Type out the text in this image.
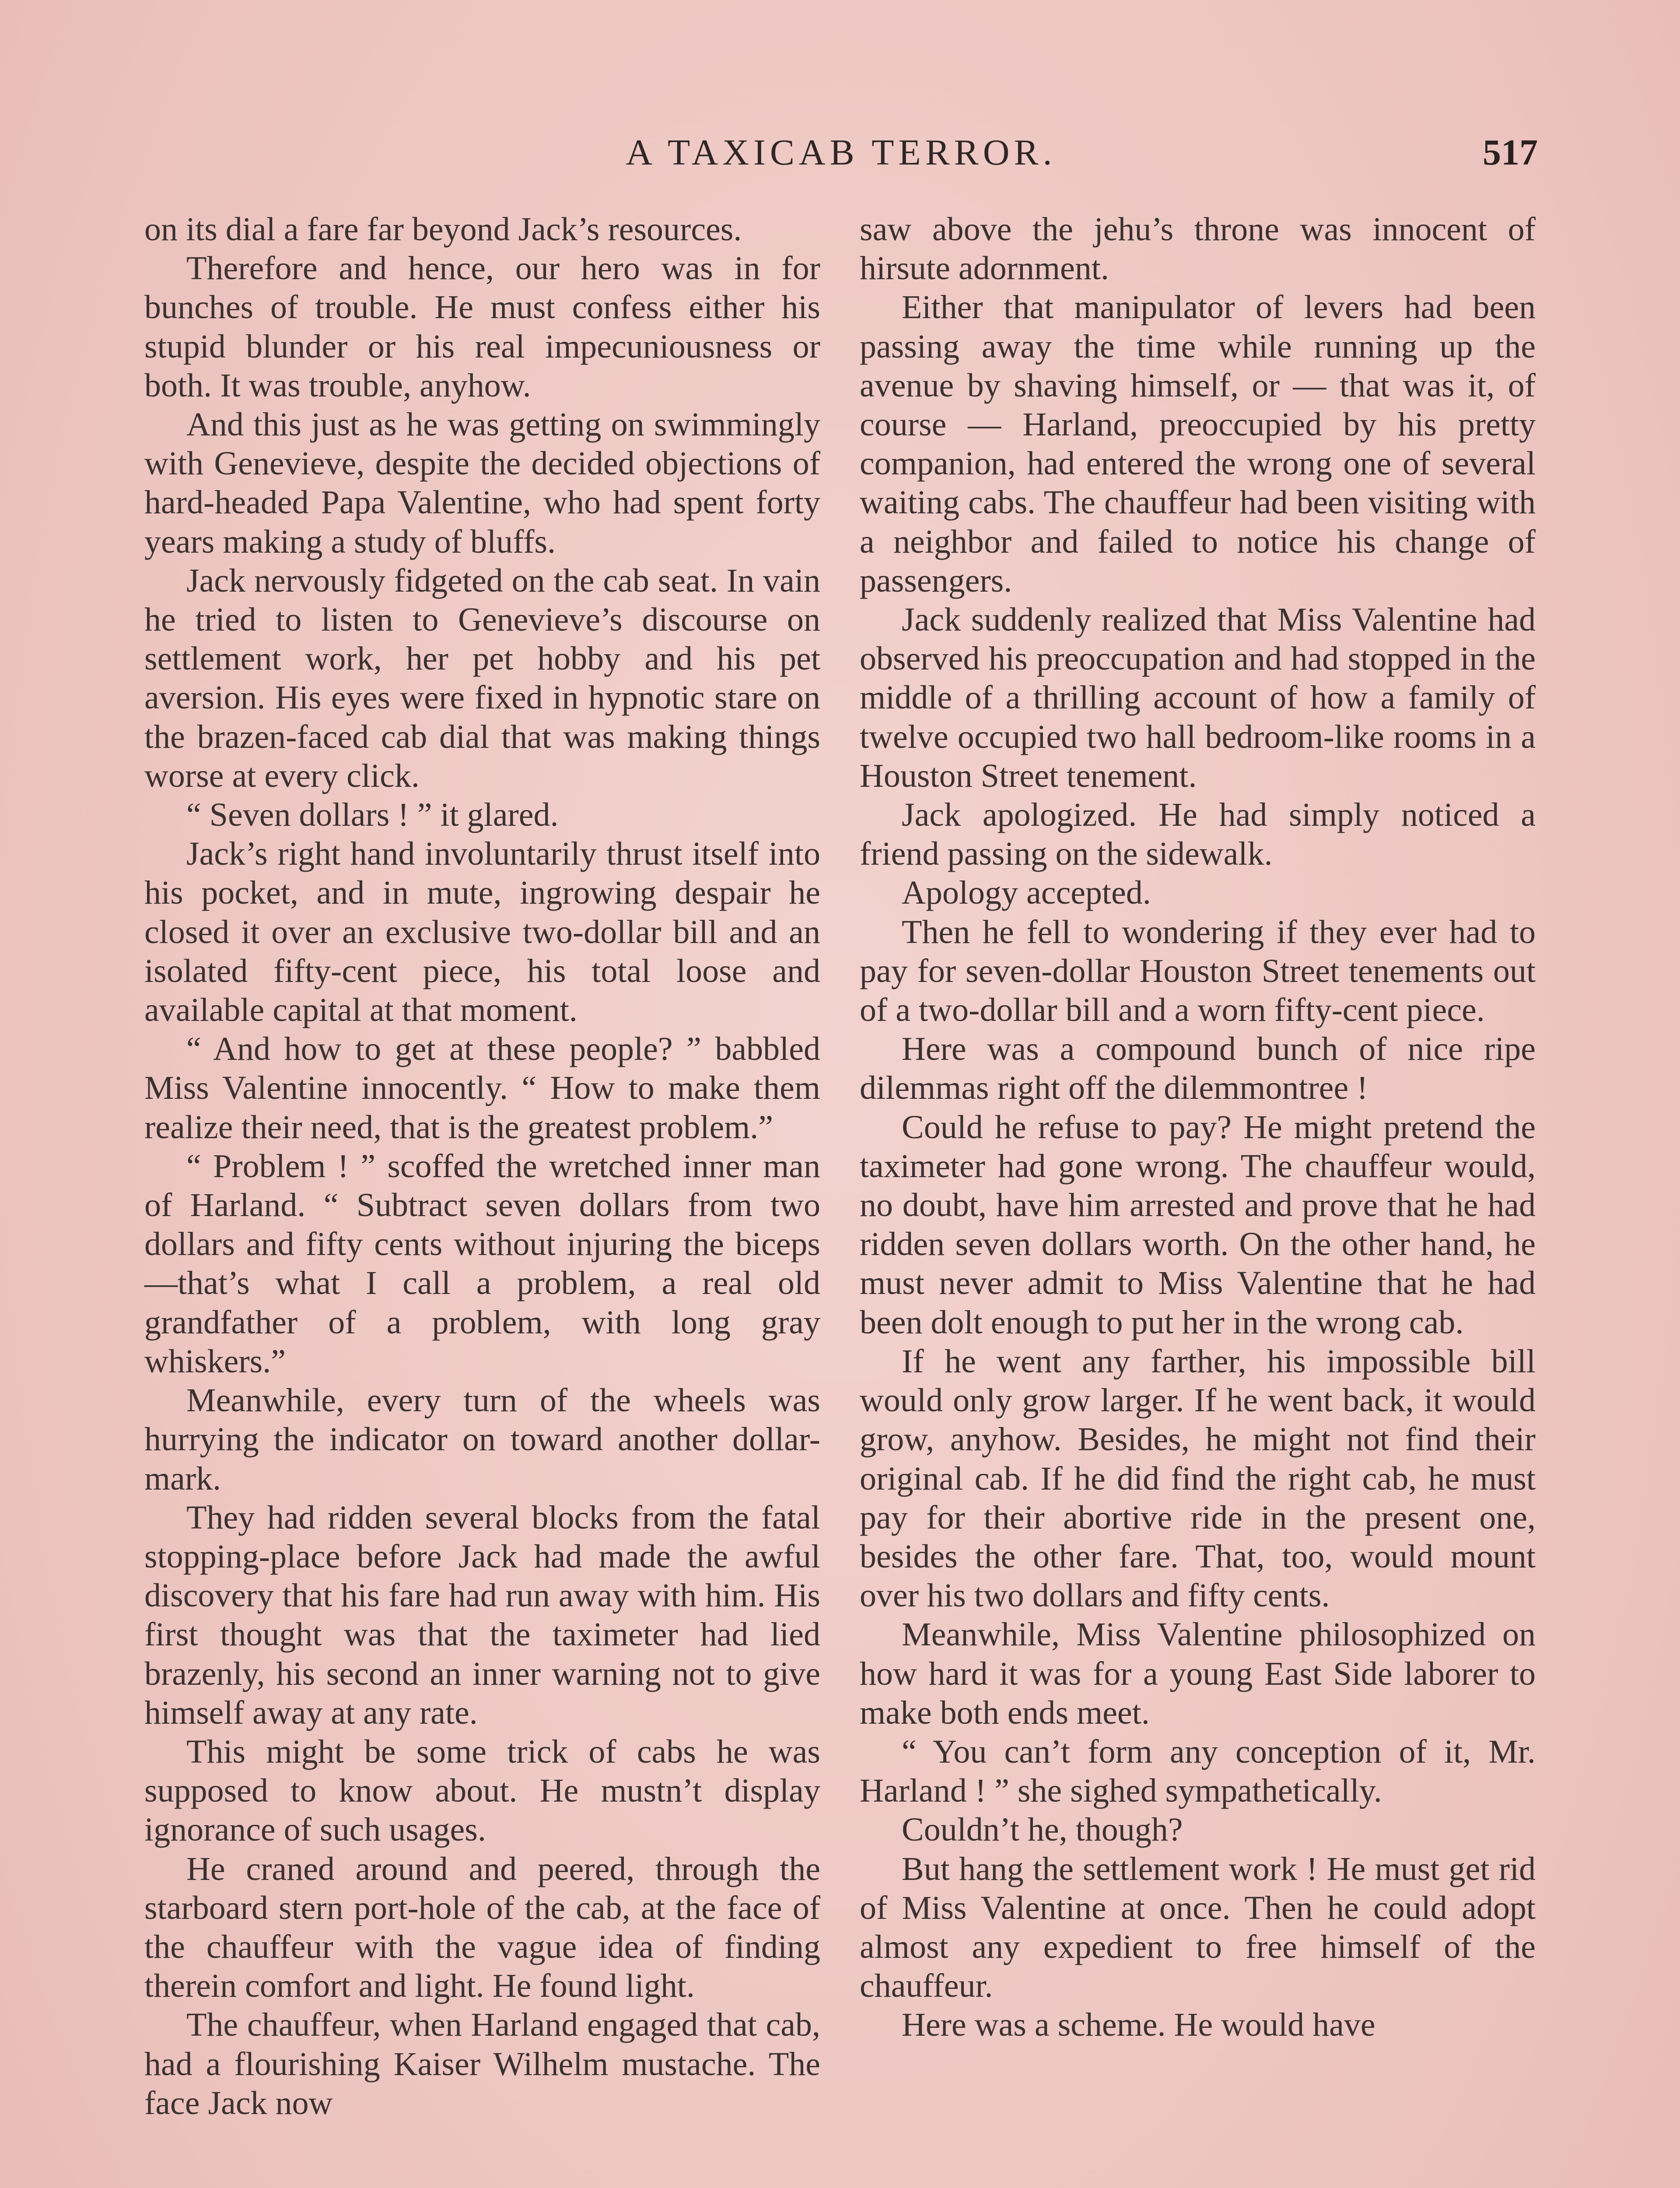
A TAXICAB TERROR.	517

on its dial a fare far beyond Jack’s resources.

Therefore and hence, our hero was in for bunches of trouble. He must confess either his stupid blunder or his real impecuniousness or both. It was trouble, anyhow.

And this just as he was getting on swimmingly with Genevieve, despite the decided objections of hard-headed Papa Valentine, who had spent forty years making a study of bluffs.

Jack nervously fidgeted on the cab seat. In vain he tried to listen to Genevieve’s discourse on settlement work, her pet hobby and his pet aversion. His eyes were fixed in hypnotic stare on the brazen-faced cab dial that was making things worse at every click.

“ Seven dollars ! ” it glared.

Jack’s right hand involuntarily thrust itself into his pocket, and in mute, ingrowing despair he closed it over an exclusive two-dollar bill and an isolated fifty-cent piece, his total loose and available capital at that moment.

“ And how to get at these people? ” babbled Miss Valentine innocently. “ How to make them realize their need, that is the greatest problem.”

“ Problem ! ” scoffed the wretched inner man of Harland. “ Subtract seven dollars from two dollars and fifty cents without injuring the biceps—that’s what I call a problem, a real old grandfather of a problem, with long gray whiskers.”

Meanwhile, every turn of the wheels was hurrying the indicator on toward another dollar-mark.

They had ridden several blocks from the fatal stopping-place before Jack had made the awful discovery that his fare had run away with him. His first thought was that the taximeter had lied brazenly, his second an inner warning not to give himself away at any rate.

This might be some trick of cabs he was supposed to know about. He mustn’t display ignorance of such usages.

He craned around and peered, through the starboard stern port-hole of the cab, at the face of the chauffeur with the vague idea of finding therein comfort and light. He found light.

The chauffeur, when Harland engaged that cab, had a flourishing Kaiser Wilhelm mustache. The face Jack now

saw above the jehu’s throne was innocent of hirsute adornment.

Either that manipulator of levers had been passing away the time while running up the avenue by shaving himself, or — that was it, of course — Harland, preoccupied by his pretty companion, had entered the wrong one of several waiting cabs. The chauffeur had been visiting with a neighbor and failed to notice his change of passengers.

Jack suddenly realized that Miss Valentine had observed his preoccupation and had stopped in the middle of a thrilling account of how a family of twelve occupied two hall bedroom-like rooms in a Houston Street tenement.

Jack apologized. He had simply noticed a friend passing on the sidewalk.

Apology accepted.

Then he fell to wondering if they ever had to pay for seven-dollar Houston Street tenements out of a two-dollar bill and a worn fifty-cent piece.

Here was a compound bunch of nice ripe dilemmas right off the dilemmontree !

Could he refuse to pay? He might pretend the taximeter had gone wrong. The chauffeur would, no doubt, have him arrested and prove that he had ridden seven dollars worth. On the other hand, he must never admit to Miss Valentine that he had been dolt enough to put her in the wrong cab.

If he went any farther, his impossible bill would only grow larger. If he went back, it would grow, anyhow. Besides, he might not find their original cab. If he did find the right cab, he must pay for their abortive ride in the present one, besides the other fare. That, too, would mount over his two dollars and fifty cents.

Meanwhile, Miss Valentine philosophized on how hard it was for a young East Side laborer to make both ends meet.

“ You can’t form any conception of it, Mr. Harland ! ” she sighed sympathetically.

Couldn’t he, though?

But hang the settlement work ! He must get rid of Miss Valentine at once. Then he could adopt almost any expedient to free himself of the chauffeur.

Here was a scheme. He would have
